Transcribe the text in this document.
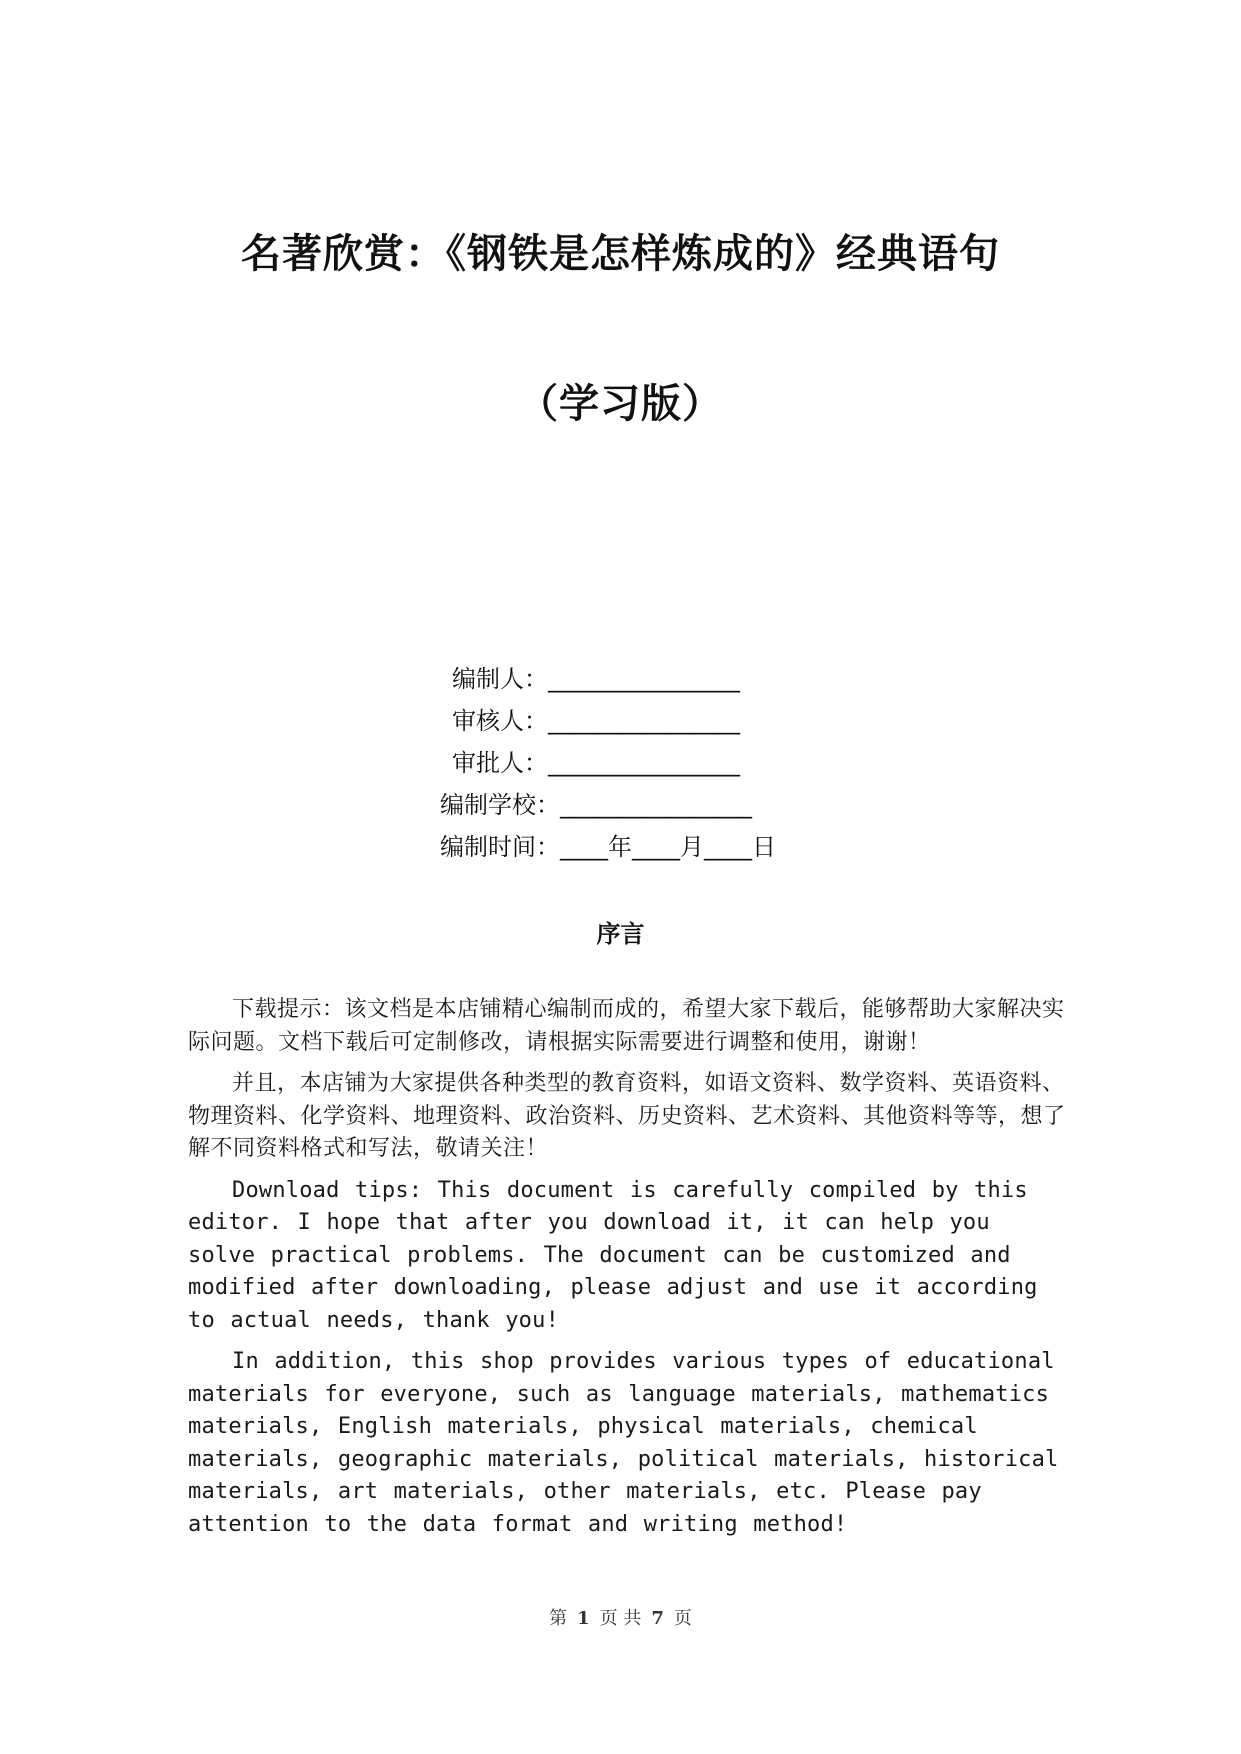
名著欣赏：《钢铁是怎样炼成的》经典语句
（学习版）
编制人：________________
审核人：________________
审批人：________________
编制学校：________________
编制时间：____年____月____日
序言

下载提示：该文档是本店铺精心编制而成的，希望大家下载后，能够帮助大家解决实际问题。文档下载后可定制修改，请根据实际需要进行调整和使用，谢谢！

并且，本店铺为大家提供各种类型的教育资料，如语文资料、数学资料、英语资料、物理资料、化学资料、地理资料、政治资料、历史资料、艺术资料、其他资料等等，想了解不同资料格式和写法，敬请关注！

Download tips: This document is carefully compiled by this editor. I hope that after you download it, it can help you solve practical problems. The document can be customized and modified after downloading, please adjust and use it according to actual needs, thank you!

In addition, this shop provides various types of educational materials for everyone, such as language materials, mathematics materials, English materials, physical materials, chemical materials, geographic materials, political materials, historical materials, art materials, other materials, etc. Please pay attention to the data format and writing method!

第 1 页 共 7 页
